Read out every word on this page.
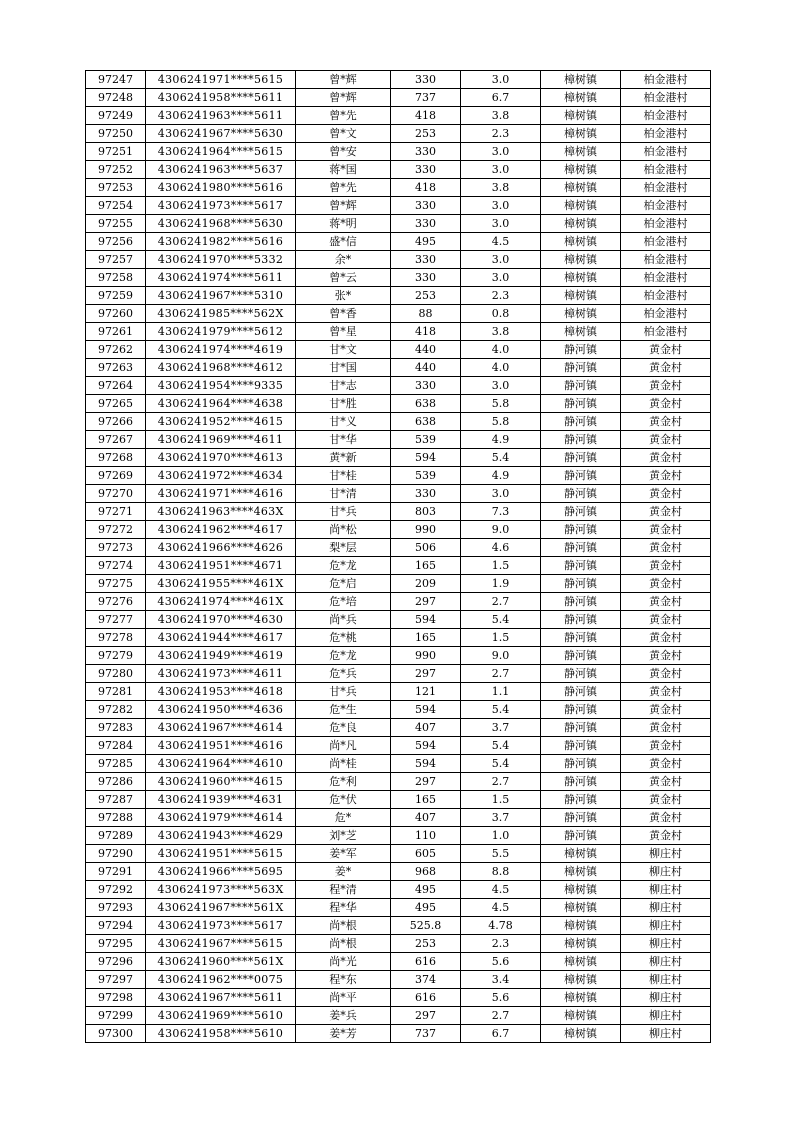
97247	4306241971****5615	曾*辉	330	3.0	樟树镇	柏金港村
97248	4306241958****5611	曾*辉	737	6.7	樟树镇	柏金港村
97249	4306241963****5611	曾*先	418	3.8	樟树镇	柏金港村
97250	4306241967****5630	曾*文	253	2.3	樟树镇	柏金港村
97251	4306241964****5615	曾*安	330	3.0	樟树镇	柏金港村
97252	4306241963****5637	蒋*国	330	3.0	樟树镇	柏金港村
97253	4306241980****5616	曾*先	418	3.8	樟树镇	柏金港村
97254	4306241973****5617	曾*辉	330	3.0	樟树镇	柏金港村
97255	4306241968****5630	蒋*明	330	3.0	樟树镇	柏金港村
97256	4306241982****5616	盛*信	495	4.5	樟树镇	柏金港村
97257	4306241970****5332	余*	330	3.0	樟树镇	柏金港村
97258	4306241974****5611	曾*云	330	3.0	樟树镇	柏金港村
97259	4306241967****5310	张*	253	2.3	樟树镇	柏金港村
97260	4306241985****562X	曾*香	88	0.8	樟树镇	柏金港村
97261	4306241979****5612	曾*星	418	3.8	樟树镇	柏金港村
97262	4306241974****4619	甘*文	440	4.0	静河镇	黄金村
97263	4306241968****4612	甘*国	440	4.0	静河镇	黄金村
97264	4306241954****9335	甘*志	330	3.0	静河镇	黄金村
97265	4306241964****4638	甘*胜	638	5.8	静河镇	黄金村
97266	4306241952****4615	甘*义	638	5.8	静河镇	黄金村
97267	4306241969****4611	甘*华	539	4.9	静河镇	黄金村
97268	4306241970****4613	黄*新	594	5.4	静河镇	黄金村
97269	4306241972****4634	甘*桂	539	4.9	静河镇	黄金村
97270	4306241971****4616	甘*清	330	3.0	静河镇	黄金村
97271	4306241963****463X	甘*兵	803	7.3	静河镇	黄金村
97272	4306241962****4617	尚*松	990	9.0	静河镇	黄金村
97273	4306241966****4626	梨*层	506	4.6	静河镇	黄金村
97274	4306241951****4671	危*龙	165	1.5	静河镇	黄金村
97275	4306241955****461X	危*启	209	1.9	静河镇	黄金村
97276	4306241974****461X	危*培	297	2.7	静河镇	黄金村
97277	4306241970****4630	尚*兵	594	5.4	静河镇	黄金村
97278	4306241944****4617	危*桃	165	1.5	静河镇	黄金村
97279	4306241949****4619	危*龙	990	9.0	静河镇	黄金村
97280	4306241973****4611	危*兵	297	2.7	静河镇	黄金村
97281	4306241953****4618	甘*兵	121	1.1	静河镇	黄金村
97282	4306241950****4636	危*生	594	5.4	静河镇	黄金村
97283	4306241967****4614	危*良	407	3.7	静河镇	黄金村
97284	4306241951****4616	尚*凡	594	5.4	静河镇	黄金村
97285	4306241964****4610	尚*桂	594	5.4	静河镇	黄金村
97286	4306241960****4615	危*利	297	2.7	静河镇	黄金村
97287	4306241939****4631	危*伏	165	1.5	静河镇	黄金村
97288	4306241979****4614	危*	407	3.7	静河镇	黄金村
97289	4306241943****4629	刘*芝	110	1.0	静河镇	黄金村
97290	4306241951****5615	姜*军	605	5.5	樟树镇	柳庄村
97291	4306241966****5695	姜*	968	8.8	樟树镇	柳庄村
97292	4306241973****563X	程*清	495	4.5	樟树镇	柳庄村
97293	4306241967****561X	程*华	495	4.5	樟树镇	柳庄村
97294	4306241973****5617	尚*根	525.8	4.78	樟树镇	柳庄村
97295	4306241967****5615	尚*根	253	2.3	樟树镇	柳庄村
97296	4306241960****561X	尚*光	616	5.6	樟树镇	柳庄村
97297	4306241962****0075	程*东	374	3.4	樟树镇	柳庄村
97298	4306241967****5611	尚*平	616	5.6	樟树镇	柳庄村
97299	4306241969****5610	姜*兵	297	2.7	樟树镇	柳庄村
97300	4306241958****5610	姜*芳	737	6.7	樟树镇	柳庄村
